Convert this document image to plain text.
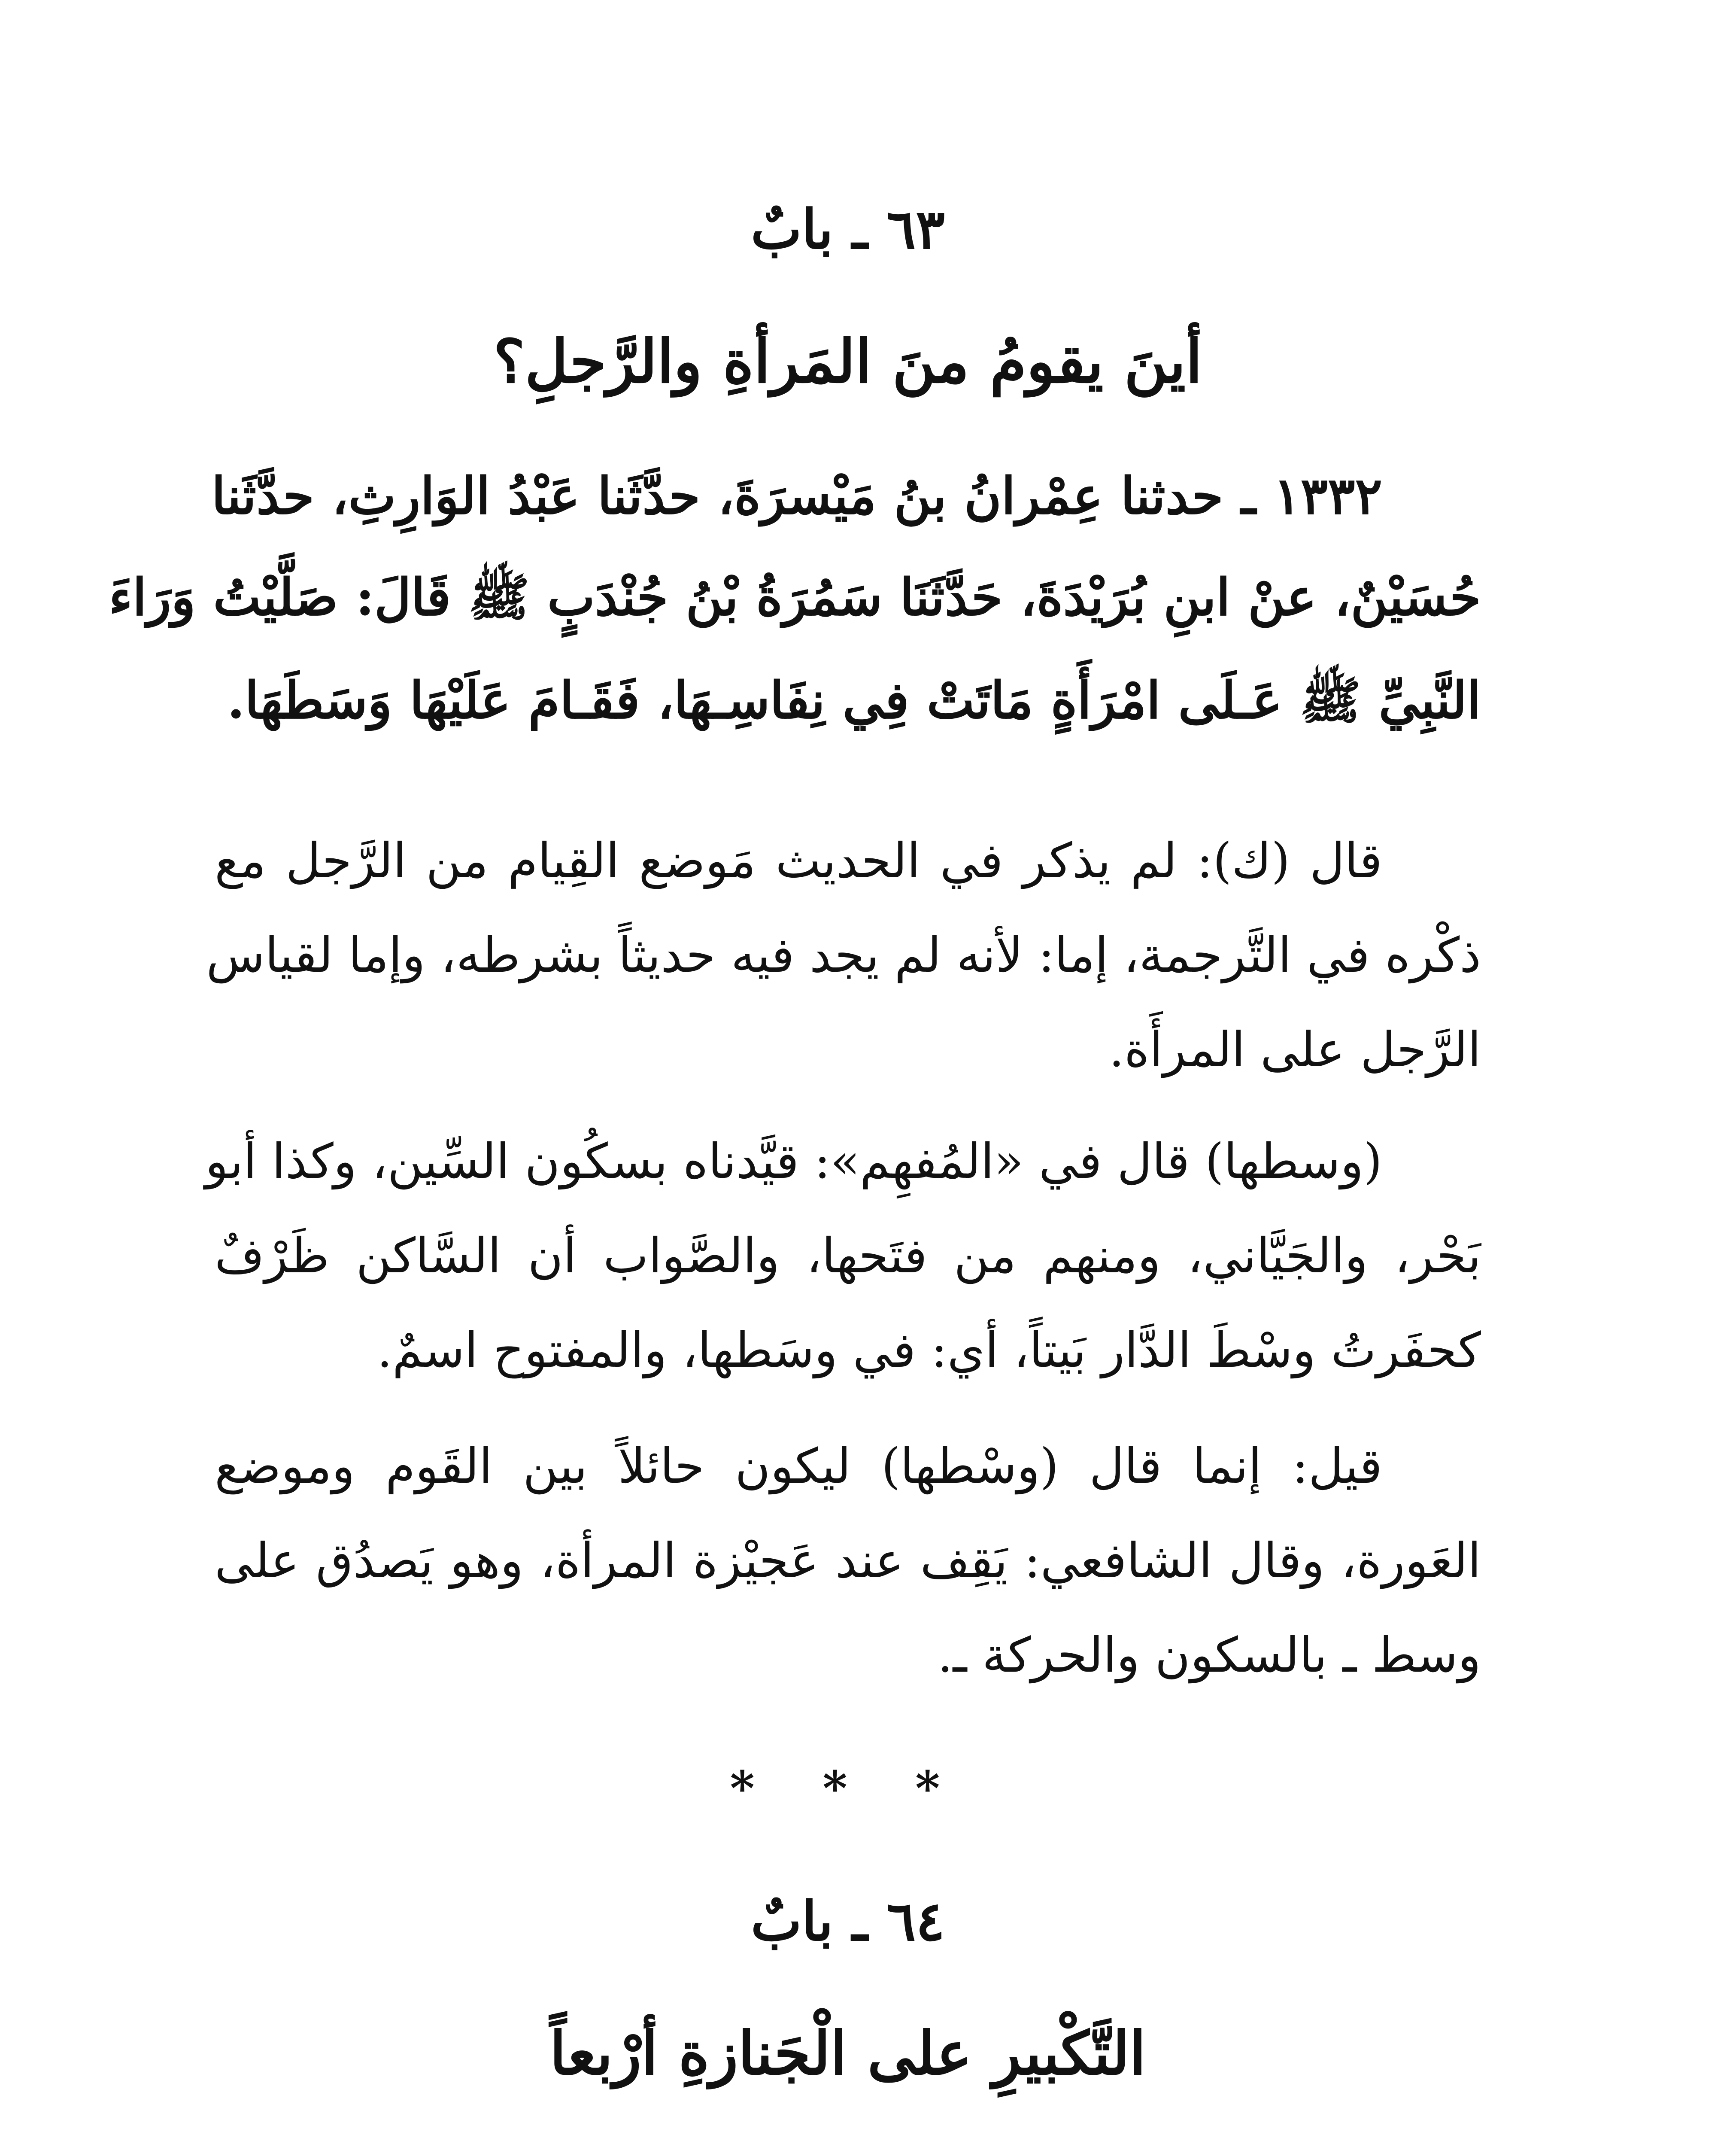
٦٣ ـ بابٌ
أينَ يقومُ منَ المَرأةِ والرَّجلِ؟
١٣٣٢ ـ حدثنا عِمْرانُ بنُ مَيْسرَةَ، حدَّثَنا عَبْدُ الوَارِثِ، حدَّثَنا
حُسَيْنٌ، عنْ ابنِ بُرَيْدَةَ، حَدَّثَنَا سَمُرَةُ بْنُ جُنْدَبٍ ﷺ قَالَ: صَلَّيْتُ وَرَاءَ
النَّبِيِّ ﷺ عَـلَى امْرَأَةٍ مَاتَتْ فِي نِفَاسِـهَا، فَقَـامَ عَلَيْهَا وَسَطَهَا.
قال (ك): لم يذكر في الحديث مَوضع القِيام من الرَّجل مع
ذكْره في التَّرجمة، إما: لأنه لم يجد فيه حديثاً بشرطه، وإما لقياس
الرَّجل على المرأَة.
(وسطها) قال في «المُفهِم»: قيَّدناه بسكُون السِّين، وكذا أبو
بَحْر، والجَيَّاني، ومنهم من فتَحها، والصَّواب أن السَّاكن ظَرْفٌ
كحفَرتُ وسْطَ الدَّار بَيتاً، أي: في وسَطها، والمفتوح اسمٌ.
قيل: إنما قال (وسْطها) ليكون حائلاً بين القَوم وموضع
العَورة، وقال الشافعي: يَقِف عند عَجيْزة المرأة، وهو يَصدُق على
وسط ـ بالسكون والحركة ـ.
* * *
٦٤ ـ بابٌ
التَّكْبيرِ على الْجَنازةِ أرْبعاً
